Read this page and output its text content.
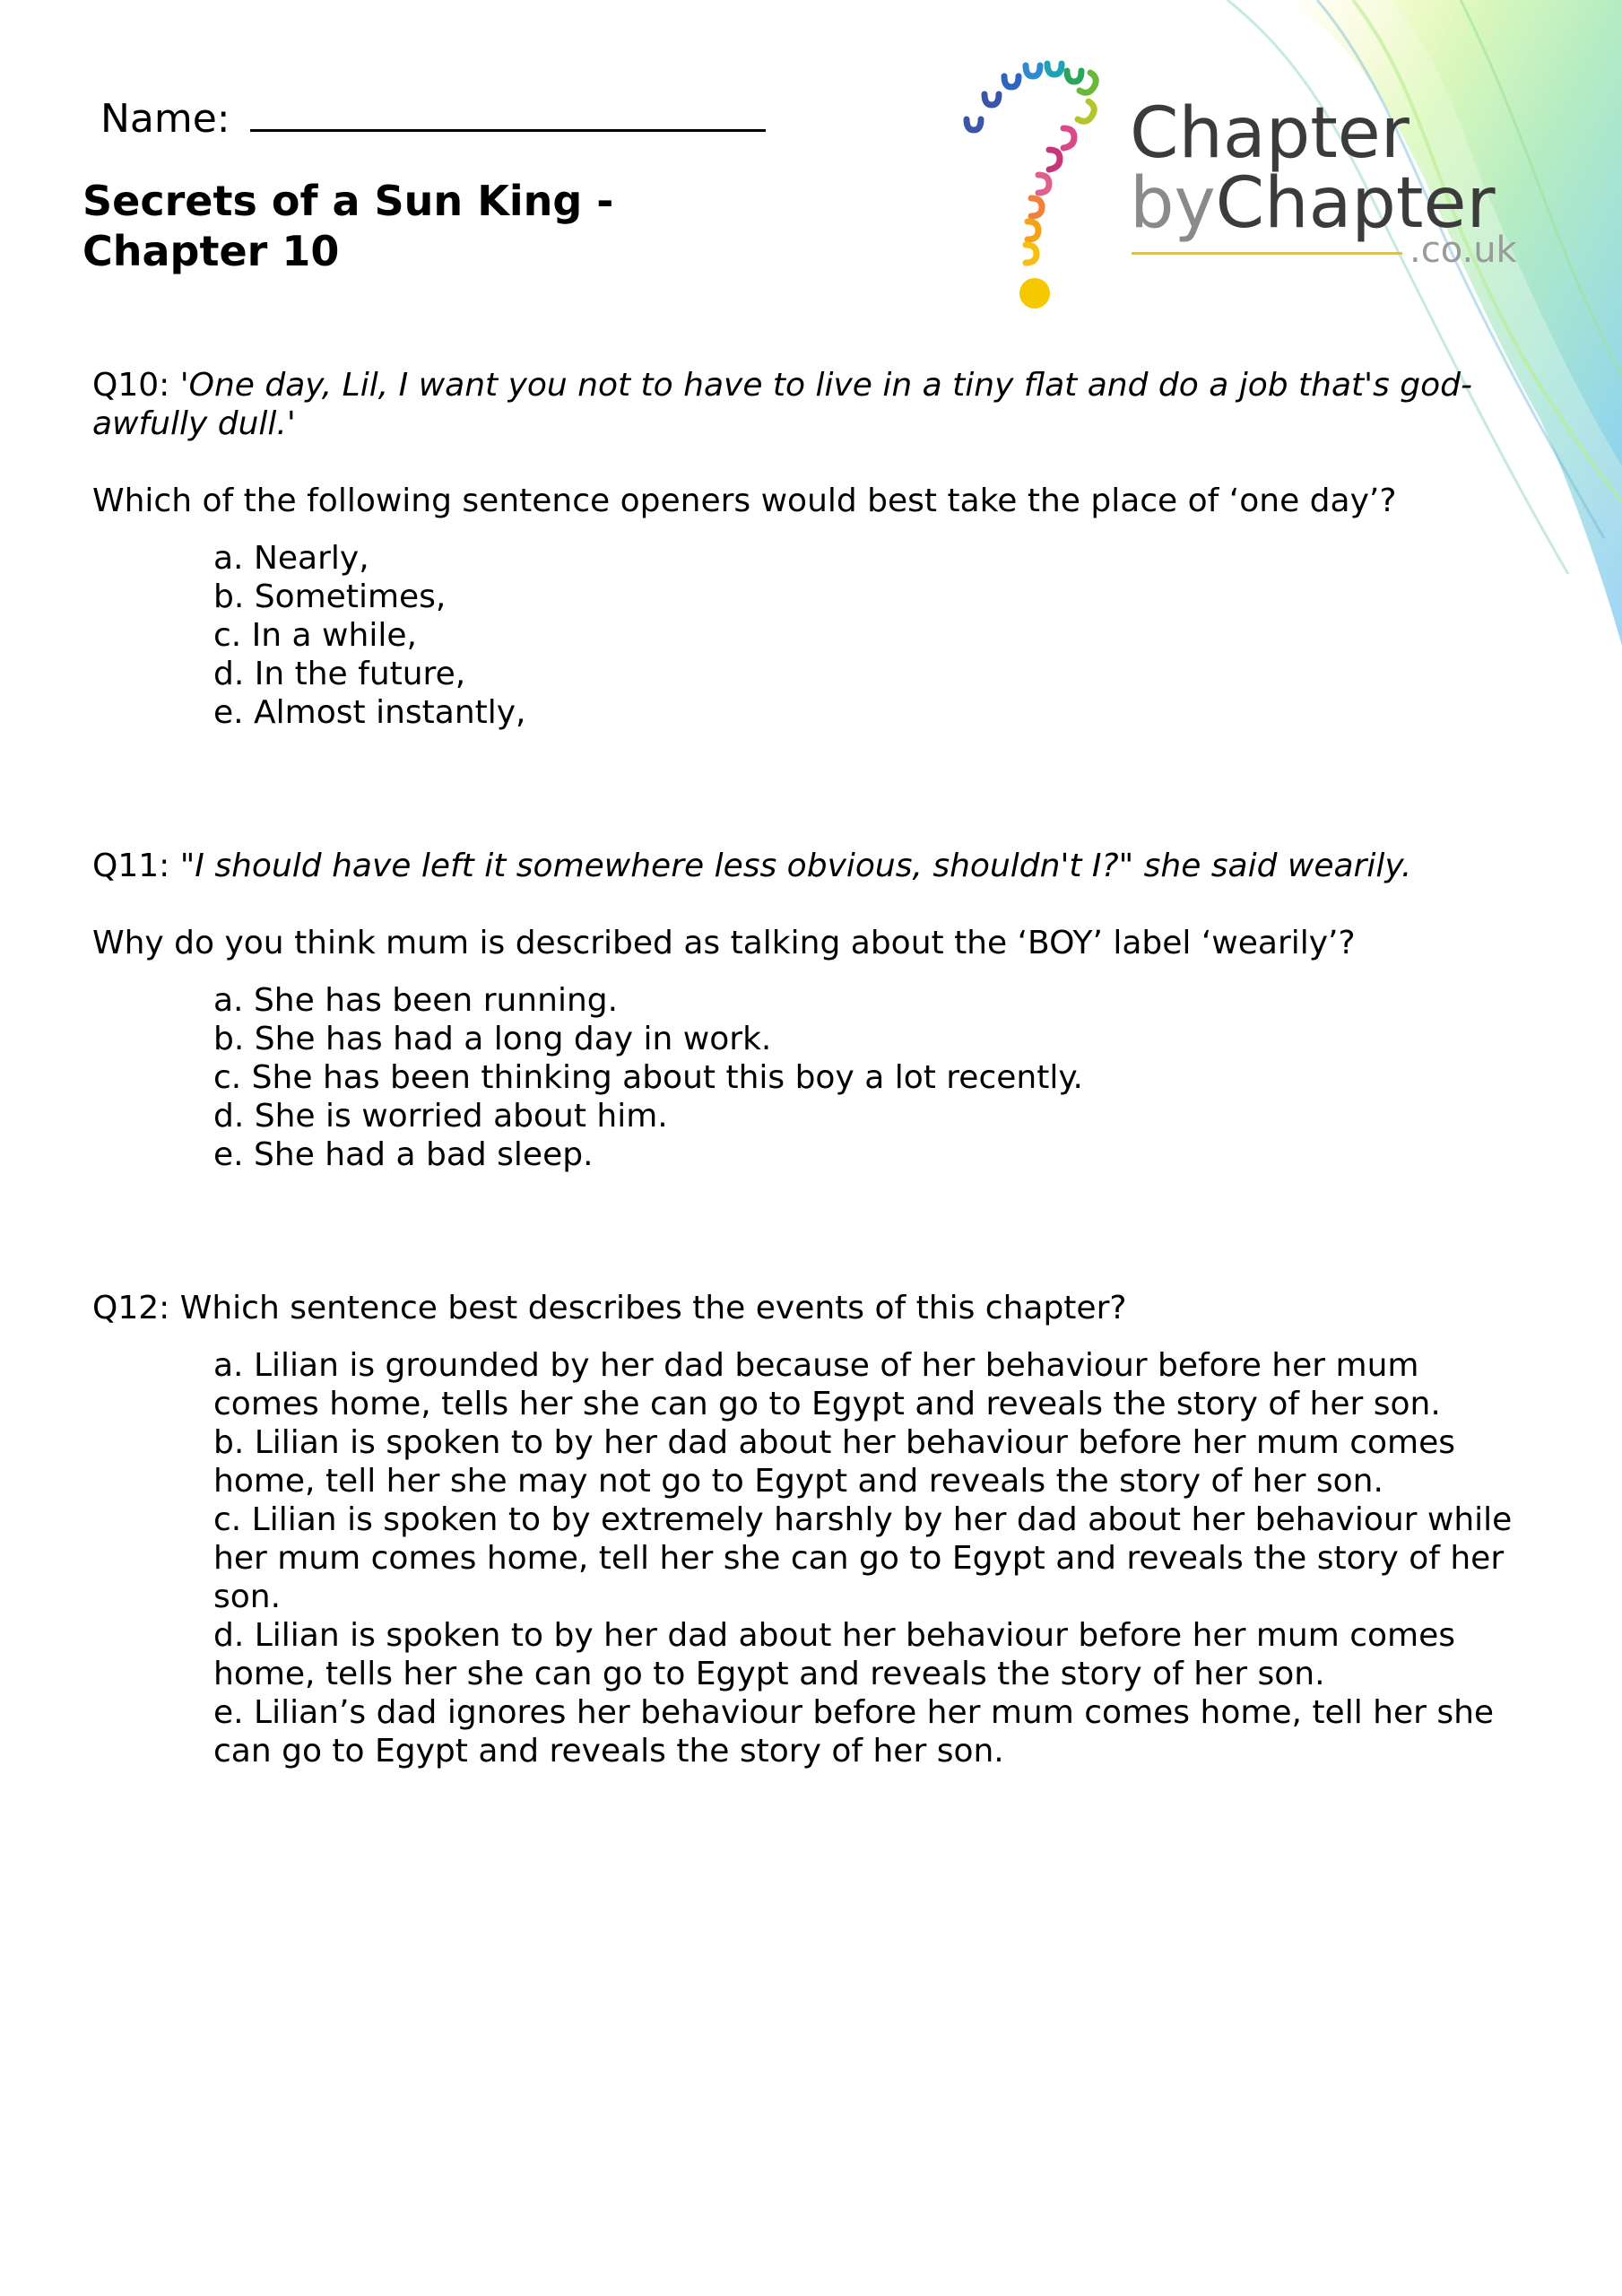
Name:
Secrets of a Sun King -
Chapter 10
Chapter
byChapter
.co.uk

Q10: 'One day, Lil, I want you not to have to live in a tiny flat and do a job that's god-awfully dull.'

Which of the following sentence openers would best take the place of ‘one day’?

a. Nearly,
b. Sometimes,
c. In a while,
d. In the future,
e. Almost instantly,

Q11: "I should have left it somewhere less obvious, shouldn't I?" she said wearily.

Why do you think mum is described as talking about the ‘BOY’ label ‘wearily’?

a. She has been running.
b. She has had a long day in work.
c. She has been thinking about this boy a lot recently.
d. She is worried about him.
e. She had a bad sleep.

Q12: Which sentence best describes the events of this chapter?

a. Lilian is grounded by her dad because of her behaviour before her mum comes home, tells her she can go to Egypt and reveals the story of her son.
b. Lilian is spoken to by her dad about her behaviour before her mum comes home, tell her she may not go to Egypt and reveals the story of her son.
c. Lilian is spoken to by extremely harshly by her dad about her behaviour while her mum comes home, tell her she can go to Egypt and reveals the story of her son.
d. Lilian is spoken to by her dad about her behaviour before her mum comes home, tells her she can go to Egypt and reveals the story of her son.
e. Lilian’s dad ignores her behaviour before her mum comes home, tell her she can go to Egypt and reveals the story of her son.
